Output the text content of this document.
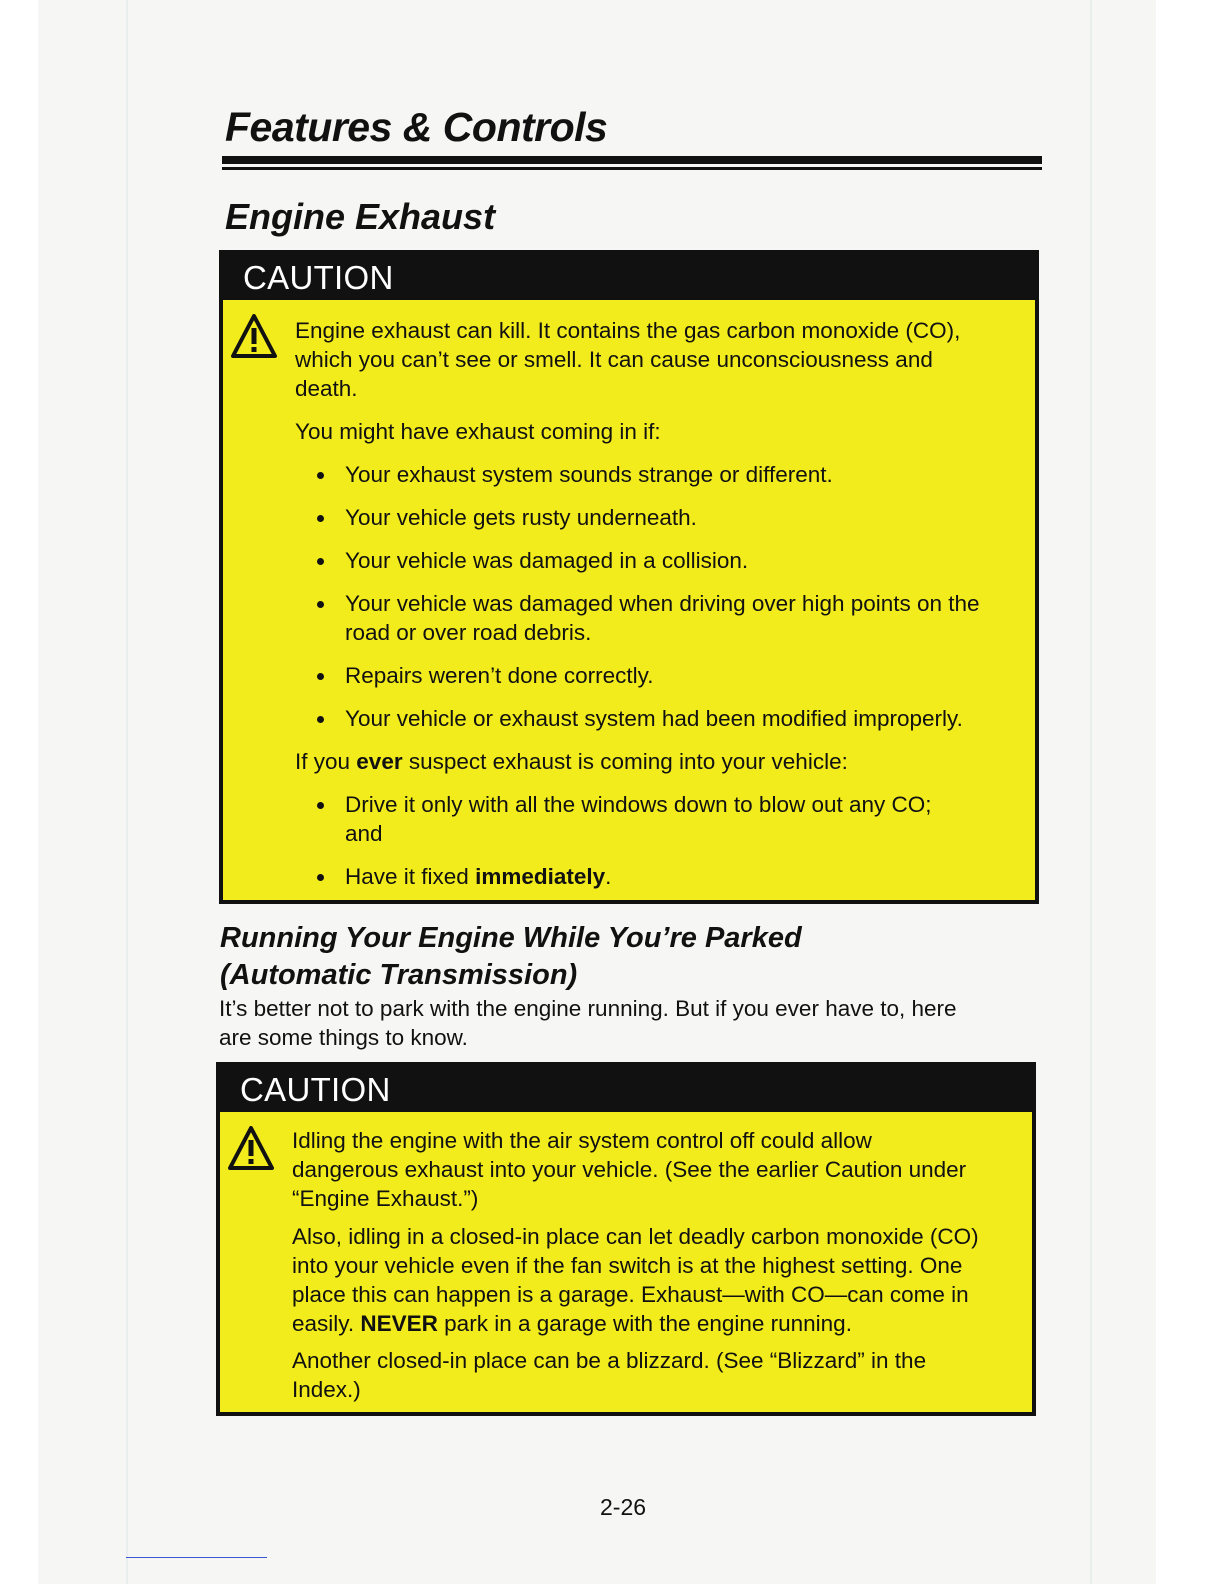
Features & Controls
Engine Exhaust
CAUTION
Engine exhaust can kill. It contains the gas carbon monoxide (CO),
which you can’t see or smell. It can cause unconsciousness and
death.
You might have exhaust coming in if:
Your exhaust system sounds strange or different.
Your vehicle gets rusty underneath.
Your vehicle was damaged in a collision.
Your vehicle was damaged when driving over high points on the
road or over road debris.
Repairs weren’t done correctly.
Your vehicle or exhaust system had been modified improperly.
If you ever suspect exhaust is coming into your vehicle:
Drive it only with all the windows down to blow out any CO;
and
Have it fixed immediately.
Running Your Engine While You’re Parked
(Automatic Transmission)
It’s better not to park with the engine running. But if you ever have to, here
are some things to know.
CAUTION
Idling the engine with the air system control off could allow
dangerous exhaust into your vehicle. (See the earlier Caution under
“Engine Exhaust.”)
Also, idling in a closed-in place can let deadly carbon monoxide (CO)
into your vehicle even if the fan switch is at the highest setting. One
place this can happen is a garage. Exhaust—with CO—can come in
easily. NEVER park in a garage with the engine running.
Another closed-in place can be a blizzard. (See “Blizzard” in the
Index.)
2-26
